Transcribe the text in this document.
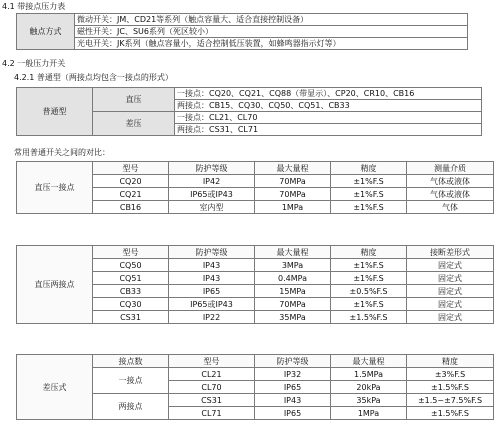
4.1 带接点压力表
触点方式	微动开关：JM、CD21等系列（触点容量大、适合直接控制设备）
磁性开关：JC、SU6系列（死区较小）
光电开关：JK系列（触点容量小，适合控制低压装置，如蜂鸣器指示灯等）
4.2 一般压力开关
4.2.1 普通型（两接点均包含一接点的形式）
普通型	直压	一接点：CQ20、CQ21、CQ88（带显示）、CP20、CR10、CB16
		两接点：CB15、CQ30、CQ50、CQ51、CB33
	差压	一接点：CL21、CL70
		两接点：CS31、CL71
常用普通开关之间的对比：
直压一接点	型号	防护等级	最大量程	精度	测量介质
	CQ20	IP42	70MPa	±1%F.S	气体或液体
	CQ21	IP65或IP43	70MPa	±1%F.S	气体或液体
	CB16	室内型	1MPa	±1%F.S	气体
直压两接点	型号	防护等级	最大量程	精度	接断差形式
	CQ50	IP43	3MPa	±1%F.S	固定式
	CQ51	IP43	0.4MPa	±1%F.S	固定式
	CB33	IP65	15MPa	±0.5%F.S	固定式
	CQ30	IP65或IP43	70MPa	±1%F.S	固定式
	CS31	IP22	35MPa	±1.5%F.S	固定式
差压式	接点数	型号	防护等级	最大量程	精度
	一接点	CL21	IP32	1.5MPa	±3%F.S
		CL70	IP65	20kPa	±1.5%F.S
	两接点	CS31	IP43	35kPa	±1.5~±7.5%F.S
		CL71	IP65	1MPa	±1.5%F.S
